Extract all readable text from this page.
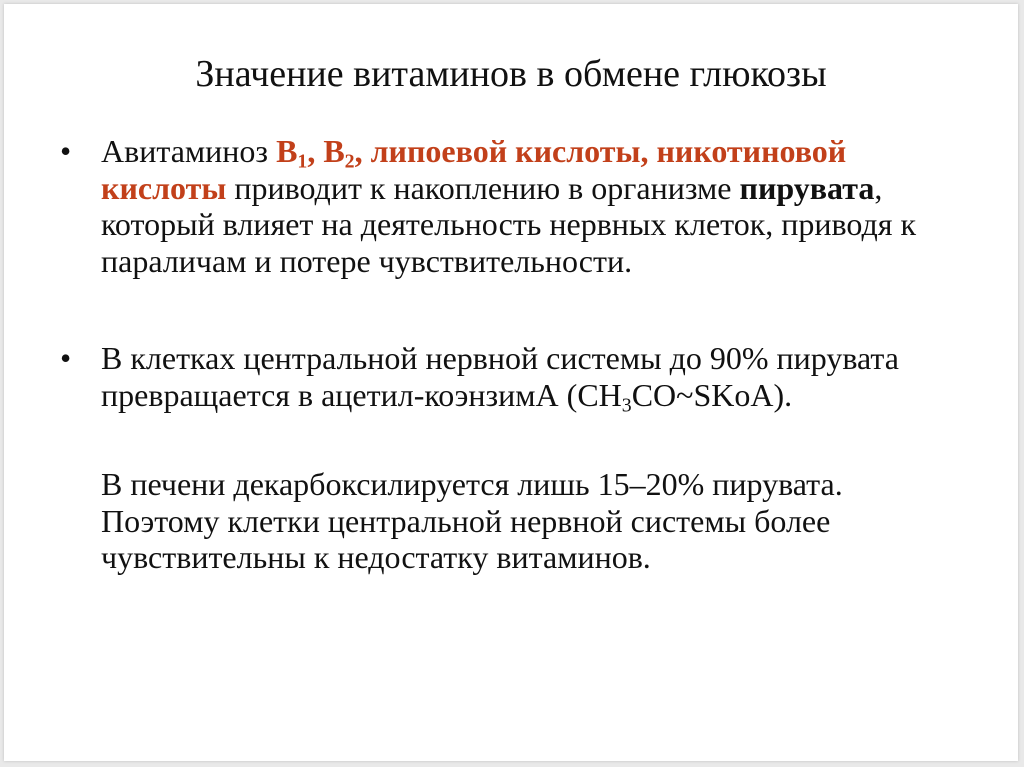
Значение витаминов в обмене глюкозы
• Авитаминоз $B_1$, $B_2$, липоевой кислоты, никотиновой кислоты приводит к накоплению в организме пирувата, который влияет на деятельность нервных клеток, приводя к параличам и потере чувствительности.
• В клетках центральной нервной системы до 90% пирувата превращается в ацетил-коэнзимА $(CH_3CO\sim SKoA)$.
В печени декарбоксилируется лишь 15–20% пирувата. Поэтому клетки центральной нервной системы более чувствительны к недостатку витаминов.
